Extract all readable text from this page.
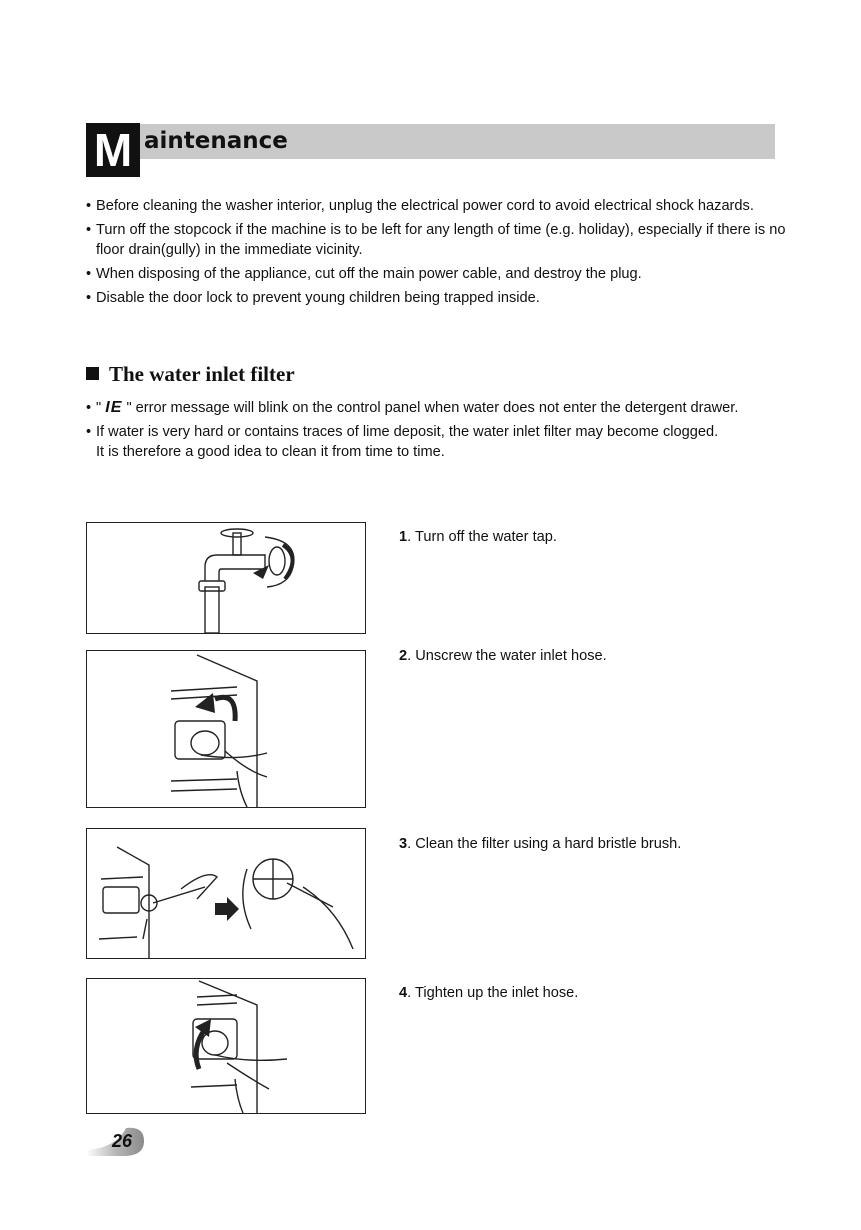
M aintenance
• Before cleaning the washer interior, unplug the electrical power cord to avoid electrical shock hazards.
• Turn off the stopcock if the machine is to be left for any length of time (e.g. holiday), especially if there is no floor drain(gully) in the immediate vicinity.
• When disposing of the appliance, cut off the main power cable, and destroy the plug.
• Disable the door lock to prevent young children being trapped inside.
The water inlet filter
• " IE " error message will blink on the control panel when water does not enter the detergent drawer.
• If water is very hard or contains traces of lime deposit, the water inlet filter may become clogged.
It is therefore a good idea to clean it from time to time.
1. Turn off the water tap.
2. Unscrew the water inlet hose.
3. Clean the filter using a hard bristle brush.
4. Tighten up the inlet hose.
26
